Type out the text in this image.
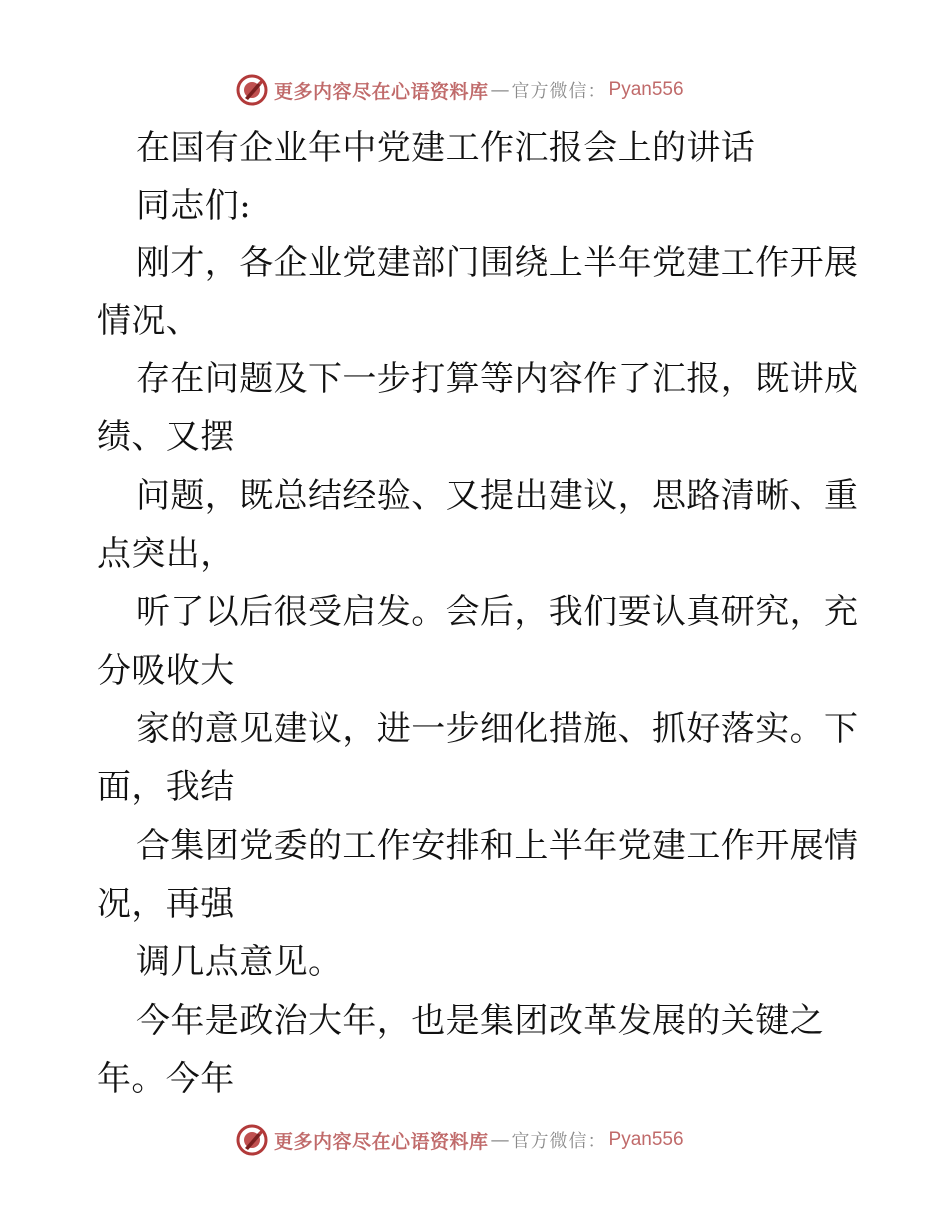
更多内容尽在心语资料库 — 官方微信： Pyan556
在国有企业年中党建工作汇报会上的讲话
同志们:
刚才，各企业党建部门围绕上半年党建工作开展
情况、
存在问题及下一步打算等内容作了汇报，既讲成
绩、又摆
问题，既总结经验、又提出建议，思路清晰、重
点突出，
听了以后很受启发。会后，我们要认真研究，充
分吸收大
家的意见建议，进一步细化措施、抓好落实。下
面，我结
合集团党委的工作安排和上半年党建工作开展情
况，再强
调几点意见。
今年是政治大年，也是集团改革发展的关键之
年。今年
更多内容尽在心语资料库 — 官方微信： Pyan556
